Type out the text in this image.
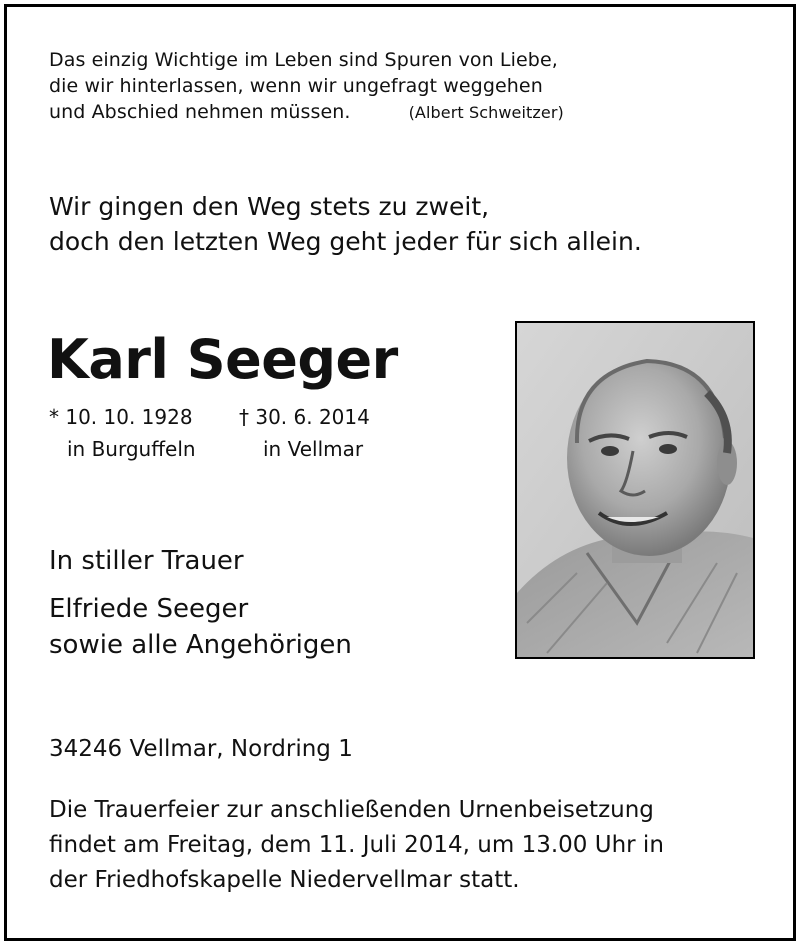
Das einzig Wichtige im Leben sind Spuren von Liebe,
die wir hinterlassen, wenn wir ungefragt weggehen
und Abschied nehmen müssen.	(Albert Schweitzer)
Wir gingen den Weg stets zu zweit,
doch den letzten Weg geht jeder für sich allein.
Karl Seeger
* 10. 10. 1928
in Burguffeln
† 30. 6. 2014
in Vellmar
In stiller Trauer
Elfriede Seeger
sowie alle Angehörigen
34246 Vellmar, Nordring 1
Die Trauerfeier zur anschließenden Urnenbeisetzung
findet am Freitag, dem 11. Juli 2014, um 13.00 Uhr in
der Friedhofskapelle Niedervellmar statt.
